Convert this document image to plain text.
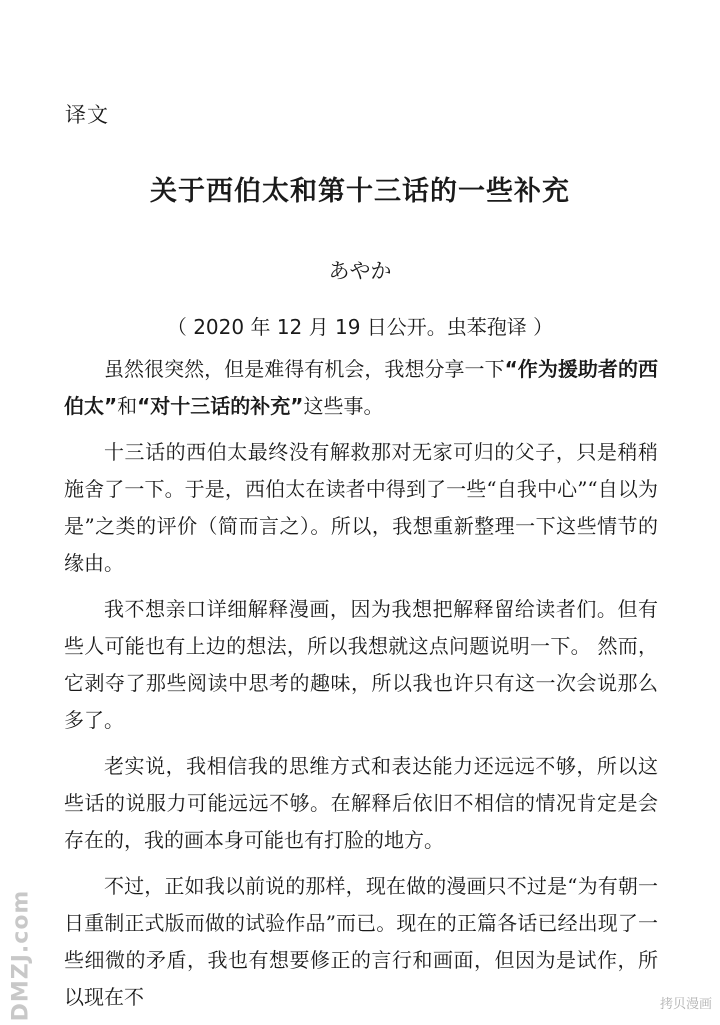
译文
关于西伯太和第十三话的一些补充
あやか
（ 2020 年 12 月 19 日公开。虫苯孢译 ）

虽然很突然，但是难得有机会，我想分享一下“作为援助者的西伯太”和“对十三话的补充”这些事。

十三话的西伯太最终没有解救那对无家可归的父子，只是稍稍施舍了一下。于是，西伯太在读者中得到了一些“自我中心”“自以为是”之类的评价（简而言之）。所以，我想重新整理一下这些情节的缘由。

我不想亲口详细解释漫画，因为我想把解释留给读者们。但有些人可能也有上边的想法，所以我想就这点问题说明一下。 然而，它剥夺了那些阅读中思考的趣味，所以我也许只有这一次会说那么多了。

老实说，我相信我的思维方式和表达能力还远远不够，所以这些话的说服力可能远远不够。在解释后依旧不相信的情况肯定是会存在的，我的画本身可能也有打脸的地方。

不过，正如我以前说的那样，现在做的漫画只不过是“为有朝一日重制正式版而做的试验作品”而已。现在的正篇各话已经出现了一些细微的矛盾，我也有想要修正的言行和画面，但因为是试作，所以现在不

DMZJ.com	拷贝漫画
